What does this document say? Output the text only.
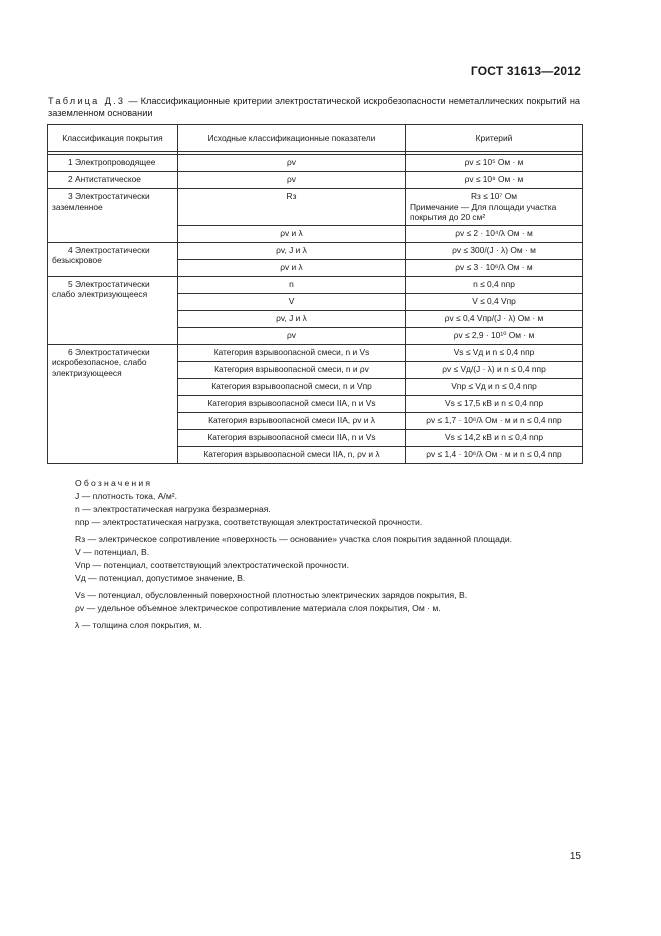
ГОСТ 31613—2012
Таблица Д.3 — Классификационные критерии электростатической искробезопасности неметаллических покрытий на заземленном основании
Классификация покрытия	Исходные классификационные показатели	Критерий

1 Электропроводящее	ρv	ρv ≤ 10⁵ Ом · м
2 Антистатическое	ρv	ρv ≤ 10⁸ Ом · м
3 Электростатически заземленное	Rз	Rз ≤ 10⁷ Ом
Примечание — Для площади участка покрытия до 20 см²

	ρv и λ	ρv ≤ 2 · 10⁴/λ Ом · м
4 Электростатически безыскровое	ρv, J и λ	ρv ≤ 300/(J · λ) Ом · м
	ρv и λ	ρv ≤ 3 · 10⁶/λ Ом · м
5 Электростатически слабо электризующееся	n	n ≤ 0,4 nпр
	V	V ≤ 0,4 Vпр
	ρv, J и λ	ρv ≤ 0,4 Vпр/(J · λ) Ом · м
	ρv	ρv ≤ 2,9 · 10¹⁰ Ом · м
6 Электростатически искробезопасное, слабо электризующееся	Категория взрывоопасной смеси, n и Vs	Vs ≤ Vд и n ≤ 0,4 nпр
	Категория взрывоопасной смеси, n и ρv	ρv ≤ Vд/(J · λ) и n ≤ 0,4 nпр
	Категория взрывоопасной смеси, n и Vпр	Vпр ≤ Vд и n ≤ 0,4 nпр
	Категория взрывоопасной смеси IIA, n и Vs	Vs ≤ 17,5 кВ и n ≤ 0,4 nпр
	Категория взрывоопасной смеси IIA, ρv и λ	ρv ≤ 1,7 · 10⁶/λ Ом · м и n ≤ 0,4 nпр
	Категория взрывоопасной смеси IIA, n и Vs	Vs ≤ 14,2 кВ и n ≤ 0,4 nпр
	Категория взрывоопасной смеси IIA, n, ρv и λ	ρv ≤ 1,4 · 10⁶/λ Ом · м и n ≤ 0,4 nпр

Обозначения

J — плотность тока, А/м².

n — электростатическая нагрузка безразмерная.

nпр — электростатическая нагрузка, соответствующая электростатической прочности.

Rз — электрическое сопротивление «поверхность — основание» участка слоя покрытия заданной площади.

V — потенциал, В.

Vпр — потенциал, соответствующий электростатической прочности.

Vд — потенциал, допустимое значение, В.

Vs — потенциал, обусловленный поверхностной плотностью электрических зарядов покрытия, В.

ρv — удельное объемное электрическое сопротивление материала слоя покрытия, Ом · м.

λ — толщина слоя покрытия, м.

15
